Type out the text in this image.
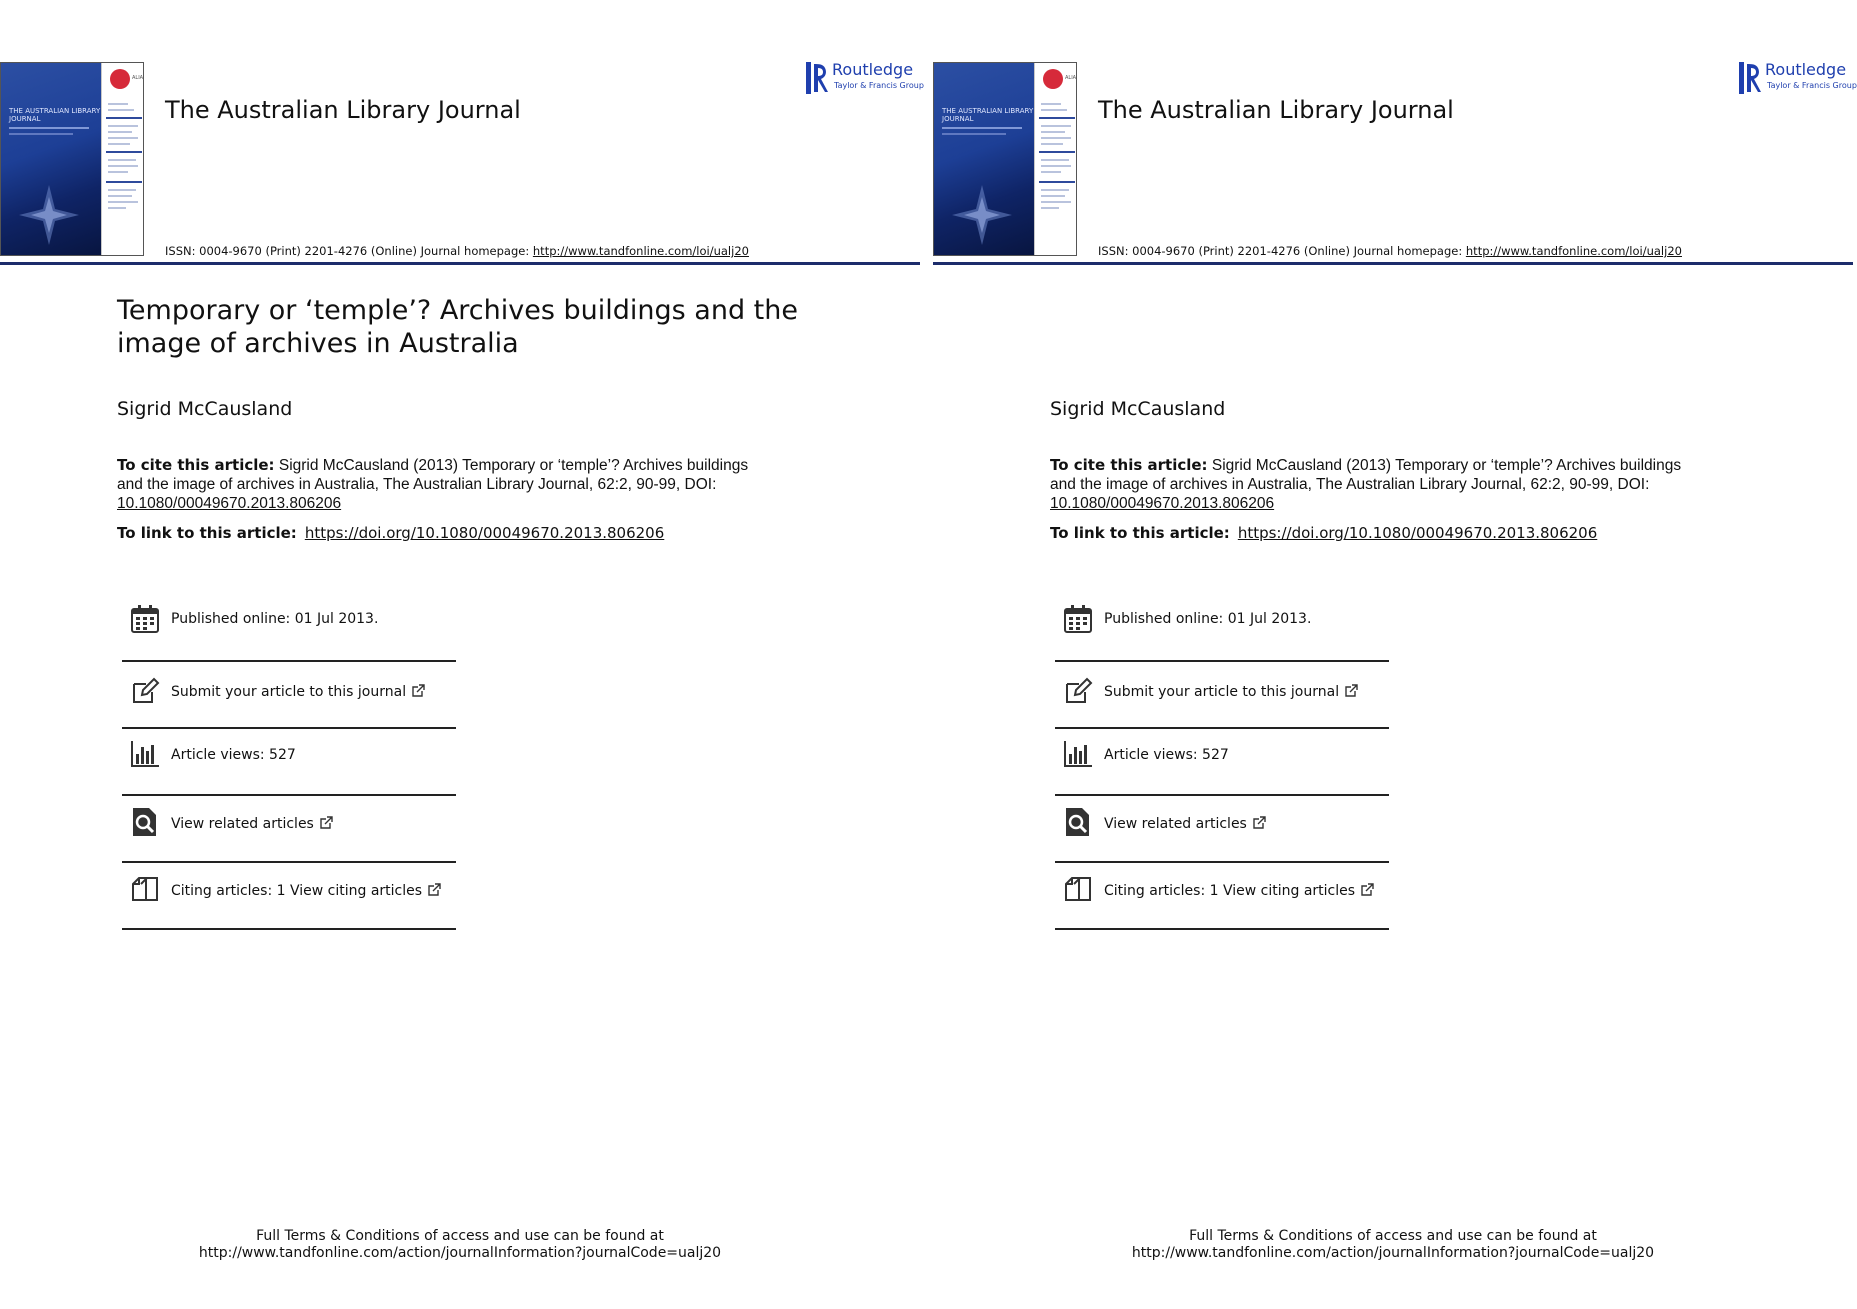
THE AUSTRALIAN LIBRARY JOURNAL
ALIA
The Australian Library Journal
ROUTLEDGE
Routledge
Taylor & Francis Group
ISSN: 0004-9670 (Print) 2201-4276 (Online) Journal homepage: http://www.tandfonline.com/loi/ualj20
Temporary or ‘temple’? Archives buildings and the image of archives in Australia
Sigrid McCausland
To cite this article: Sigrid McCausland (2013) Temporary or ‘temple’? Archives buildings and the image of archives in Australia, The Australian Library Journal, 62:2, 90-99, DOI: 10.1080/00049670.2013.806206
To link to this article: https://doi.org/10.1080/00049670.2013.806206
Published online: 01 Jul 2013.
Submit your article to this journal
Article views: 527
View related articles
Citing articles: 1 View citing articles
Full Terms & Conditions of access and use can be found at
http://www.tandfonline.com/action/journalInformation?journalCode=ualj20
THE AUSTRALIAN LIBRARY JOURNAL
ALIA
The Australian Library Journal
ROUTLEDGE
Routledge
Taylor & Francis Group
ISSN: 0004-9670 (Print) 2201-4276 (Online) Journal homepage: http://www.tandfonline.com/loi/ualj20
Sigrid McCausland
To cite this article: Sigrid McCausland (2013) Temporary or ‘temple’? Archives buildings and the image of archives in Australia, The Australian Library Journal, 62:2, 90-99, DOI: 10.1080/00049670.2013.806206
To link to this article: https://doi.org/10.1080/00049670.2013.806206
Published online: 01 Jul 2013.
Submit your article to this journal
Article views: 527
View related articles
Citing articles: 1 View citing articles
Full Terms & Conditions of access and use can be found at
http://www.tandfonline.com/action/journalInformation?journalCode=ualj20
